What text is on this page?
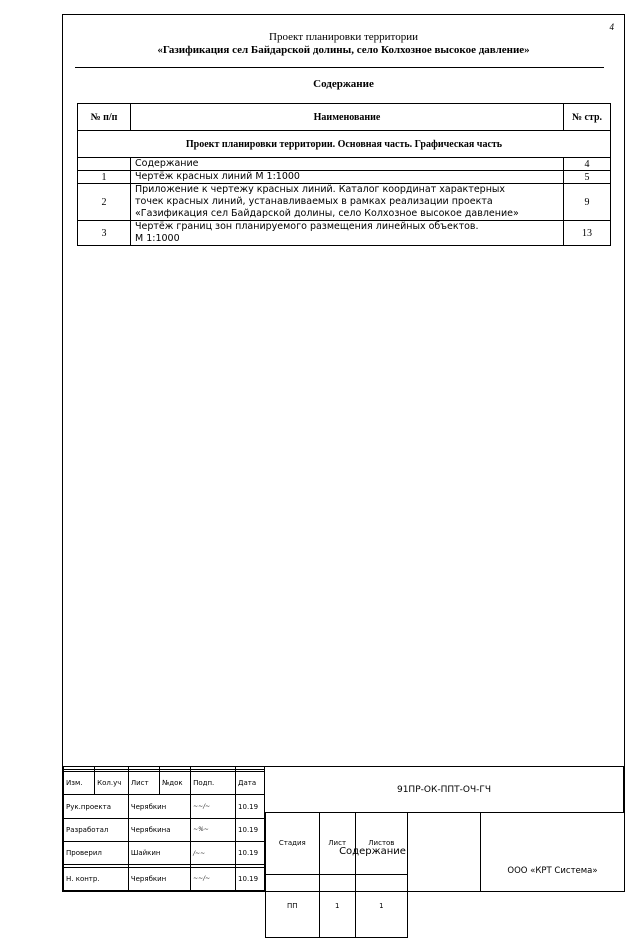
4
Проект планировки территории
«Газификация сел Байдарской долины, село Колхозное высокое давление»
Содержание
№ п/п	Наименование	№ стр.
Проект планировки территории. Основная часть. Графическая часть		
	Содержание	4
1	Чертёж красных линий М 1:1000	5
2	Приложение к чертежу красных линий. Каталог координат характерных
точек красных линий, устанавливаемых в рамках реализации проекта
«Газификация сел Байдарской долины, село Колхозное высокое давление»	9
3	Чертёж границ зон планируемого размещения линейных объектов.
М 1:1000	13

Изм.	Кол.уч	Лист	№док	Подп.	Дата
Рук.проекта		Черябкин		~~/~	10.19
Разработал		Черябкина		~%~	10.19
Проверил		Шайкин		/~~	10.19

Н. контр.		Черябкин		~~/~	10.19
91ПР-ОК-ППТ-ОЧ-ГЧ
Содержание
Стадия	Лист	Листов
ПП	1	1
ООО «КРТ Система»
